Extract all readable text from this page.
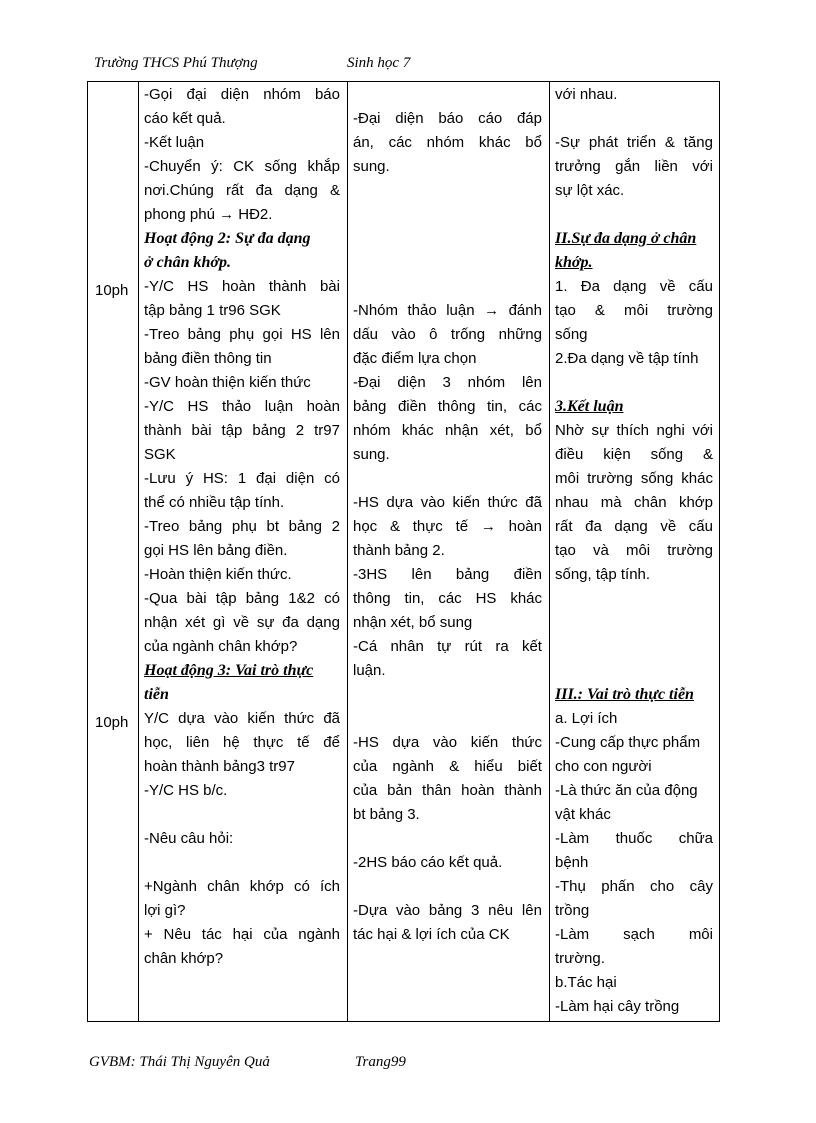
Trường THCS Phú Thượng	Sinh học 7
10ph
10ph
-Gọi đại diện nhóm báo
cáo kết quả.
-Kết luận
-Chuyển ý: CK sống khắp
nơi.Chúng rất đa dạng &
phong phú → HĐ2.
Hoạt động 2: Sự đa dạng
ở chân khớp.
-Y/C HS hoàn thành bài
tập bảng 1 tr96 SGK
-Treo bảng phụ gọi HS lên
bảng điền thông tin
-GV hoàn thiện kiến thức
-Y/C HS thảo luận hoàn
thành bài tập bảng 2 tr97
SGK
-Lưu ý HS: 1 đại diện có
thể có nhiều tập tính.
-Treo bảng phụ bt bảng 2
gọi HS lên bảng điền.
-Hoàn thiện kiến thức.
-Qua bài tập bảng 1&2 có
nhận xét gì về sự đa dạng
của ngành chân khớp?
Hoạt động 3: Vai trò thực
tiễn
Y/C dựa vào kiến thức đã
học, liên hệ thực tế để
hoàn thành bảng3 tr97
-Y/C HS b/c.
-Nêu câu hỏi:
+Ngành chân khớp có ích
lợi gì?
+ Nêu tác hại của ngành
chân khớp?
-Đại diện báo cáo đáp
án, các nhóm khác bổ
sung.
-Nhóm thảo luận → đánh
dấu vào ô trống những
đặc điểm lựa chọn
-Đại diện 3 nhóm lên
bảng điền thông tin, các
nhóm khác nhận xét, bổ
sung.
-HS dựa vào kiến thức đã
học & thực tế → hoàn
thành bảng 2.
-3HS lên bảng điền
thông tin, các HS khác
nhận xét, bổ sung
-Cá nhân tự rút ra kết
luận.
-HS dựa vào kiến thức
của ngành & hiểu biết
của bản thân hoàn thành
bt bảng 3.
-2HS báo cáo kết quả.
-Dựa vào bảng 3 nêu lên
tác hại & lợi ích của CK
với nhau.
-Sự phát triển & tăng
trưởng gắn liền với
sự lột xác.
II.Sự đa dạng ở chân
khớp.
1. Đa dạng về cấu
tạo & môi trường
sống
2.Đa dạng về tập tính
3.Kết luận
Nhờ sự thích nghi với
điều kiện sống &
môi trường sống khác
nhau mà chân khớp
rất đa dạng về cấu
tạo và môi trường
sống, tập tính.
III.: Vai trò thực tiễn
a. Lợi ích
-Cung cấp thực phẩm
cho con người
-Là thức ăn của động
vật khác
-Làm thuốc chữa
bệnh
-Thụ phấn cho cây
trồng
-Làm sạch môi
trường.
b.Tác hại
-Làm hại cây trồng
GVBM: Thái Thị Nguyên Quả	Trang99
